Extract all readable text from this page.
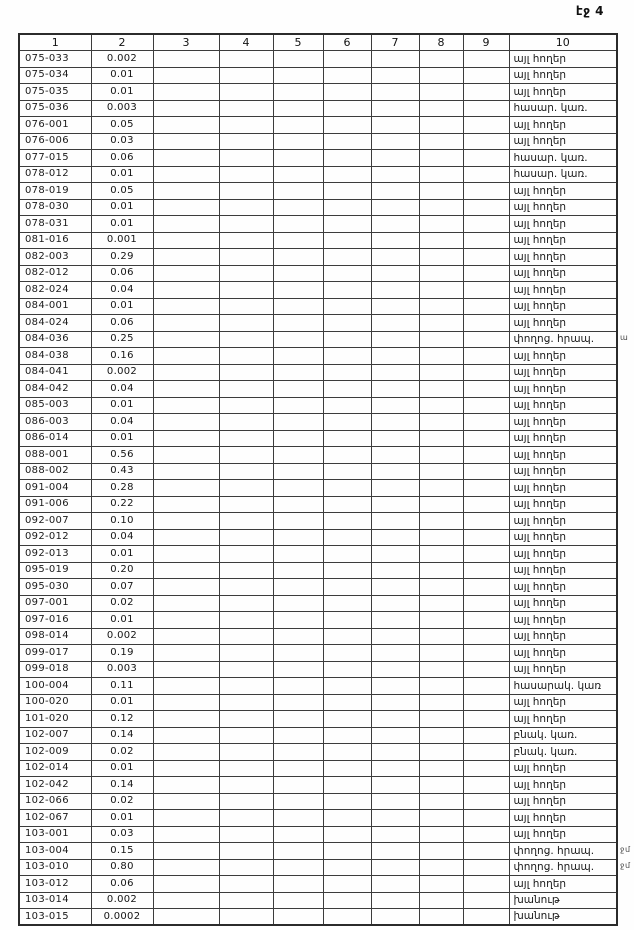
էջ 4
1	2	3	4	5	6	7	8	9	10
075-033	0.002								այլ հողեր
075-034	0.01								այլ հողեր
075-035	0.01								այլ հողեր
075-036	0.003								հասար. կառ.
076-001	0.05								այլ հողեր
076-006	0.03								այլ հողեր
077-015	0.06								հասար. կառ.
078-012	0.01								հասար. կառ.
078-019	0.05								այլ հողեր
078-030	0.01								այլ հողեր
078-031	0.01								այլ հողեր
081-016	0.001								այլ հողեր
082-003	0.29								այլ հողեր
082-012	0.06								այլ հողեր
082-024	0.04								այլ հողեր
084-001	0.01								այլ հողեր
084-024	0.06								այլ հողեր
084-036	0.25								փողոց. հրապ.
084-038	0.16								այլ հողեր
084-041	0.002								այլ հողեր
084-042	0.04								այլ հողեր
085-003	0.01								այլ հողեր
086-003	0.04								այլ հողեր
086-014	0.01								այլ հողեր
088-001	0.56								այլ հողեր
088-002	0.43								այլ հողեր
091-004	0.28								այլ հողեր
091-006	0.22								այլ հողեր
092-007	0.10								այլ հողեր
092-012	0.04								այլ հողեր
092-013	0.01								այլ հողեր
095-019	0.20								այլ հողեր
095-030	0.07								այլ հողեր
097-001	0.02								այլ հողեր
097-016	0.01								այլ հողեր
098-014	0.002								այլ հողեր
099-017	0.19								այլ հողեր
099-018	0.003								այլ հողեր
100-004	0.11								հասարակ. կառ
100-020	0.01								այլ հողեր
101-020	0.12								այլ հողեր
102-007	0.14								բնակ. կառ.
102-009	0.02								բնակ. կառ.
102-014	0.01								այլ հողեր
102-042	0.14								այլ հողեր
102-066	0.02								այլ հողեր
102-067	0.01								այլ հողեր
103-001	0.03								այլ հողեր
103-004	0.15								փողոց. հրապ.
103-010	0.80								փողոց. հրապ.
103-012	0.06								այլ հողեր
103-014	0.002								խանութ
103-015	0.0002								խանութ
ա
ջմ
ջմ
